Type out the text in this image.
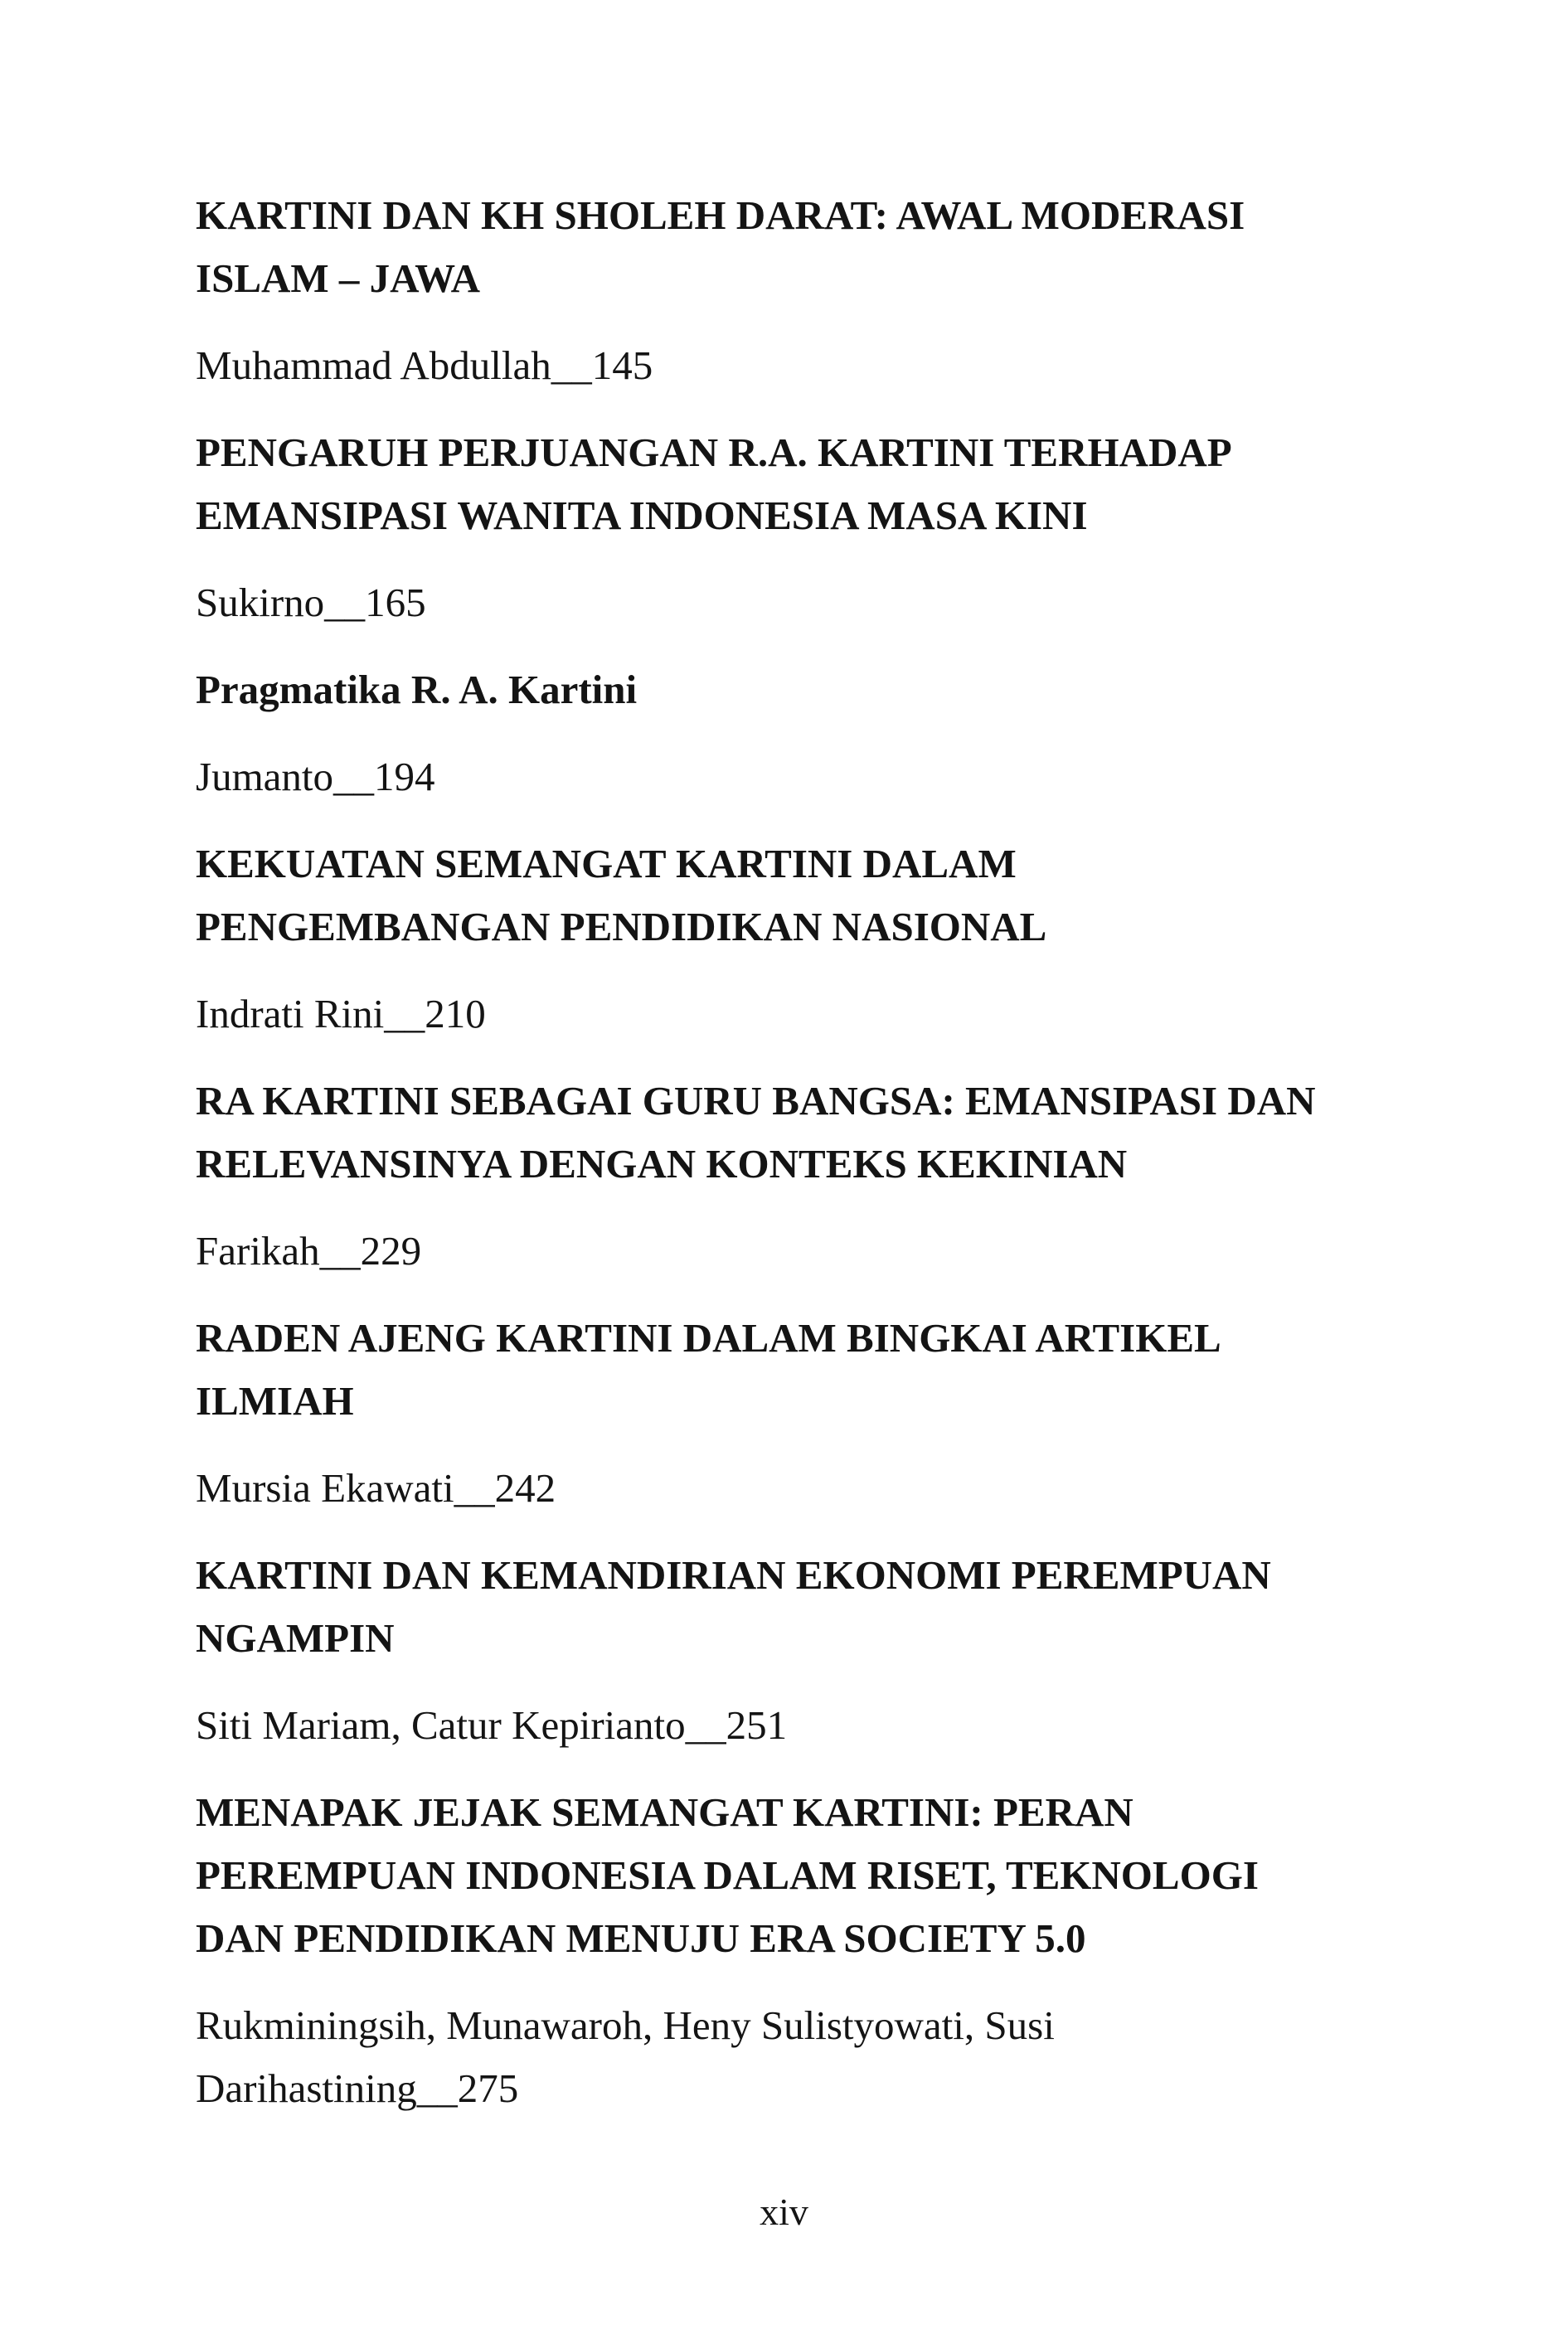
KARTINI DAN KH SHOLEH DARAT: AWAL MODERASI
ISLAM – JAWA

Muhammad Abdullah__145

PENGARUH PERJUANGAN R.A. KARTINI TERHADAP
EMANSIPASI WANITA INDONESIA MASA KINI

Sukirno__165

Pragmatika R. A. Kartini

Jumanto__194

KEKUATAN SEMANGAT KARTINI DALAM
PENGEMBANGAN PENDIDIKAN NASIONAL

Indrati Rini__210

RA KARTINI SEBAGAI GURU BANGSA: EMANSIPASI DAN
RELEVANSINYA DENGAN KONTEKS KEKINIAN

Farikah__229

RADEN AJENG KARTINI DALAM BINGKAI ARTIKEL
ILMIAH

Mursia Ekawati__242

KARTINI DAN KEMANDIRIAN EKONOMI PEREMPUAN
NGAMPIN

Siti Mariam, Catur Kepirianto__251

MENAPAK JEJAK SEMANGAT KARTINI: PERAN
PEREMPUAN INDONESIA DALAM RISET, TEKNOLOGI
DAN PENDIDIKAN MENUJU ERA SOCIETY 5.0

Rukminingsih, Munawaroh, Heny Sulistyowati, Susi
Darihastining__275

xiv
